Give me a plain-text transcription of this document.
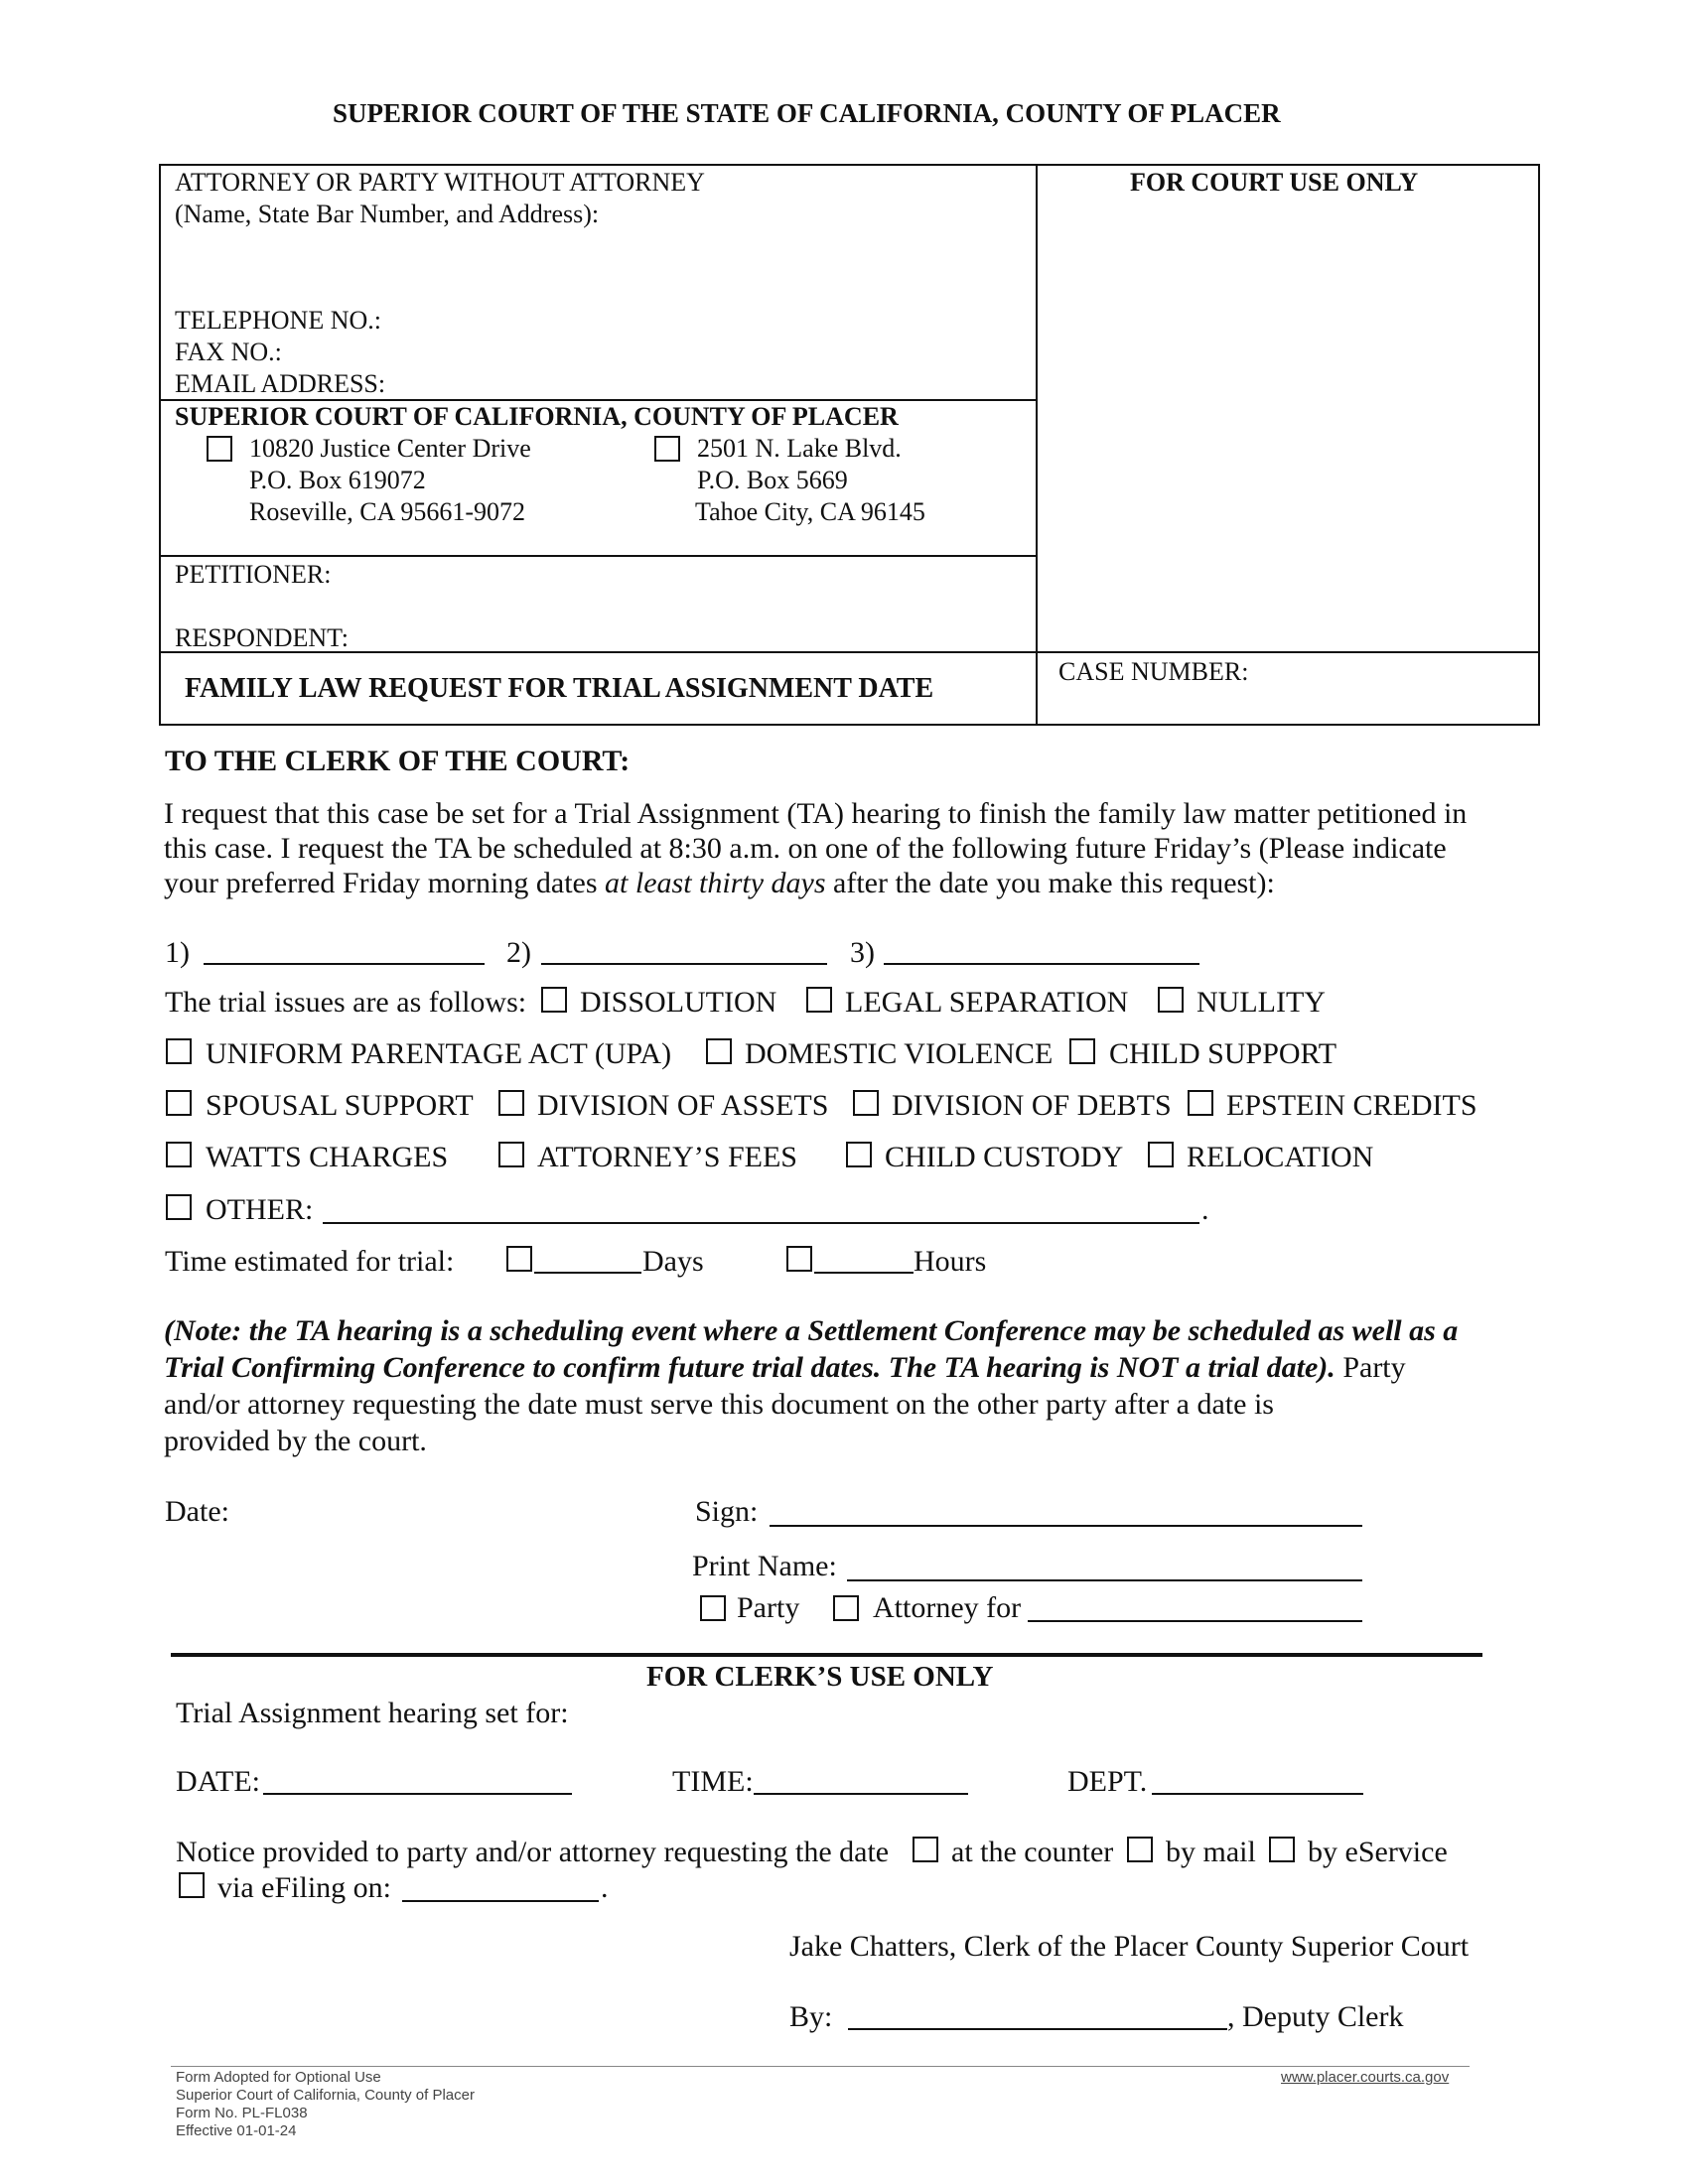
SUPERIOR COURT OF THE STATE OF CALIFORNIA, COUNTY OF PLACER
ATTORNEY OR PARTY WITHOUT ATTORNEY
(Name, State Bar Number, and Address):
TELEPHONE NO.:
FAX NO.:
EMAIL ADDRESS:
FOR COURT USE ONLY
SUPERIOR COURT OF CALIFORNIA, COUNTY OF PLACER
10820 Justice Center Drive
P.O. Box 619072
Roseville, CA 95661-9072
2501 N. Lake Blvd.
P.O. Box 5669
Tahoe City, CA 96145
PETITIONER:
RESPONDENT:
FAMILY LAW REQUEST FOR TRIAL ASSIGNMENT DATE
CASE NUMBER:
TO THE CLERK OF THE COURT:
I request that this case be set for a Trial Assignment (TA) hearing to finish the family law matter petitioned in
this case. I request the TA be scheduled at 8:30 a.m. on one of the following future Friday’s (Please indicate
your preferred Friday morning dates at least thirty days after the date you make this request):
1)	2)	3)
The trial issues are as follows: DISSOLUTION LEGAL SEPARATION NULLITY
UNIFORM PARENTAGE ACT (UPA) DOMESTIC VIOLENCE CHILD SUPPORT
SPOUSAL SUPPORT DIVISION OF ASSETS DIVISION OF DEBTS EPSTEIN CREDITS
WATTS CHARGES	ATTORNEY’S FEES	CHILD CUSTODY RELOCATION
OTHER:	.
Time estimated for trial:	Days	Hours
(Note: the TA hearing is a scheduling event where a Settlement Conference may be scheduled as well as a
Trial Confirming Conference to confirm future trial dates. The TA hearing is NOT a trial date). Party
and/or attorney requesting the date must serve this document on the other party after a date is
provided by the court.
Date:	Sign:
Print Name:
Party Attorney for
FOR CLERK’S USE ONLY
Trial Assignment hearing set for:
DATE:	TIME:	DEPT.
Notice provided to party and/or attorney requesting the date at the counter by mail by eService
via eFiling on:	.
Jake Chatters, Clerk of the Placer County Superior Court
By:	, Deputy Clerk
Form Adopted for Optional Use
Superior Court of California, County of Placer
Form No. PL-FL038
Effective 01-01-24
www.placer.courts.ca.gov
